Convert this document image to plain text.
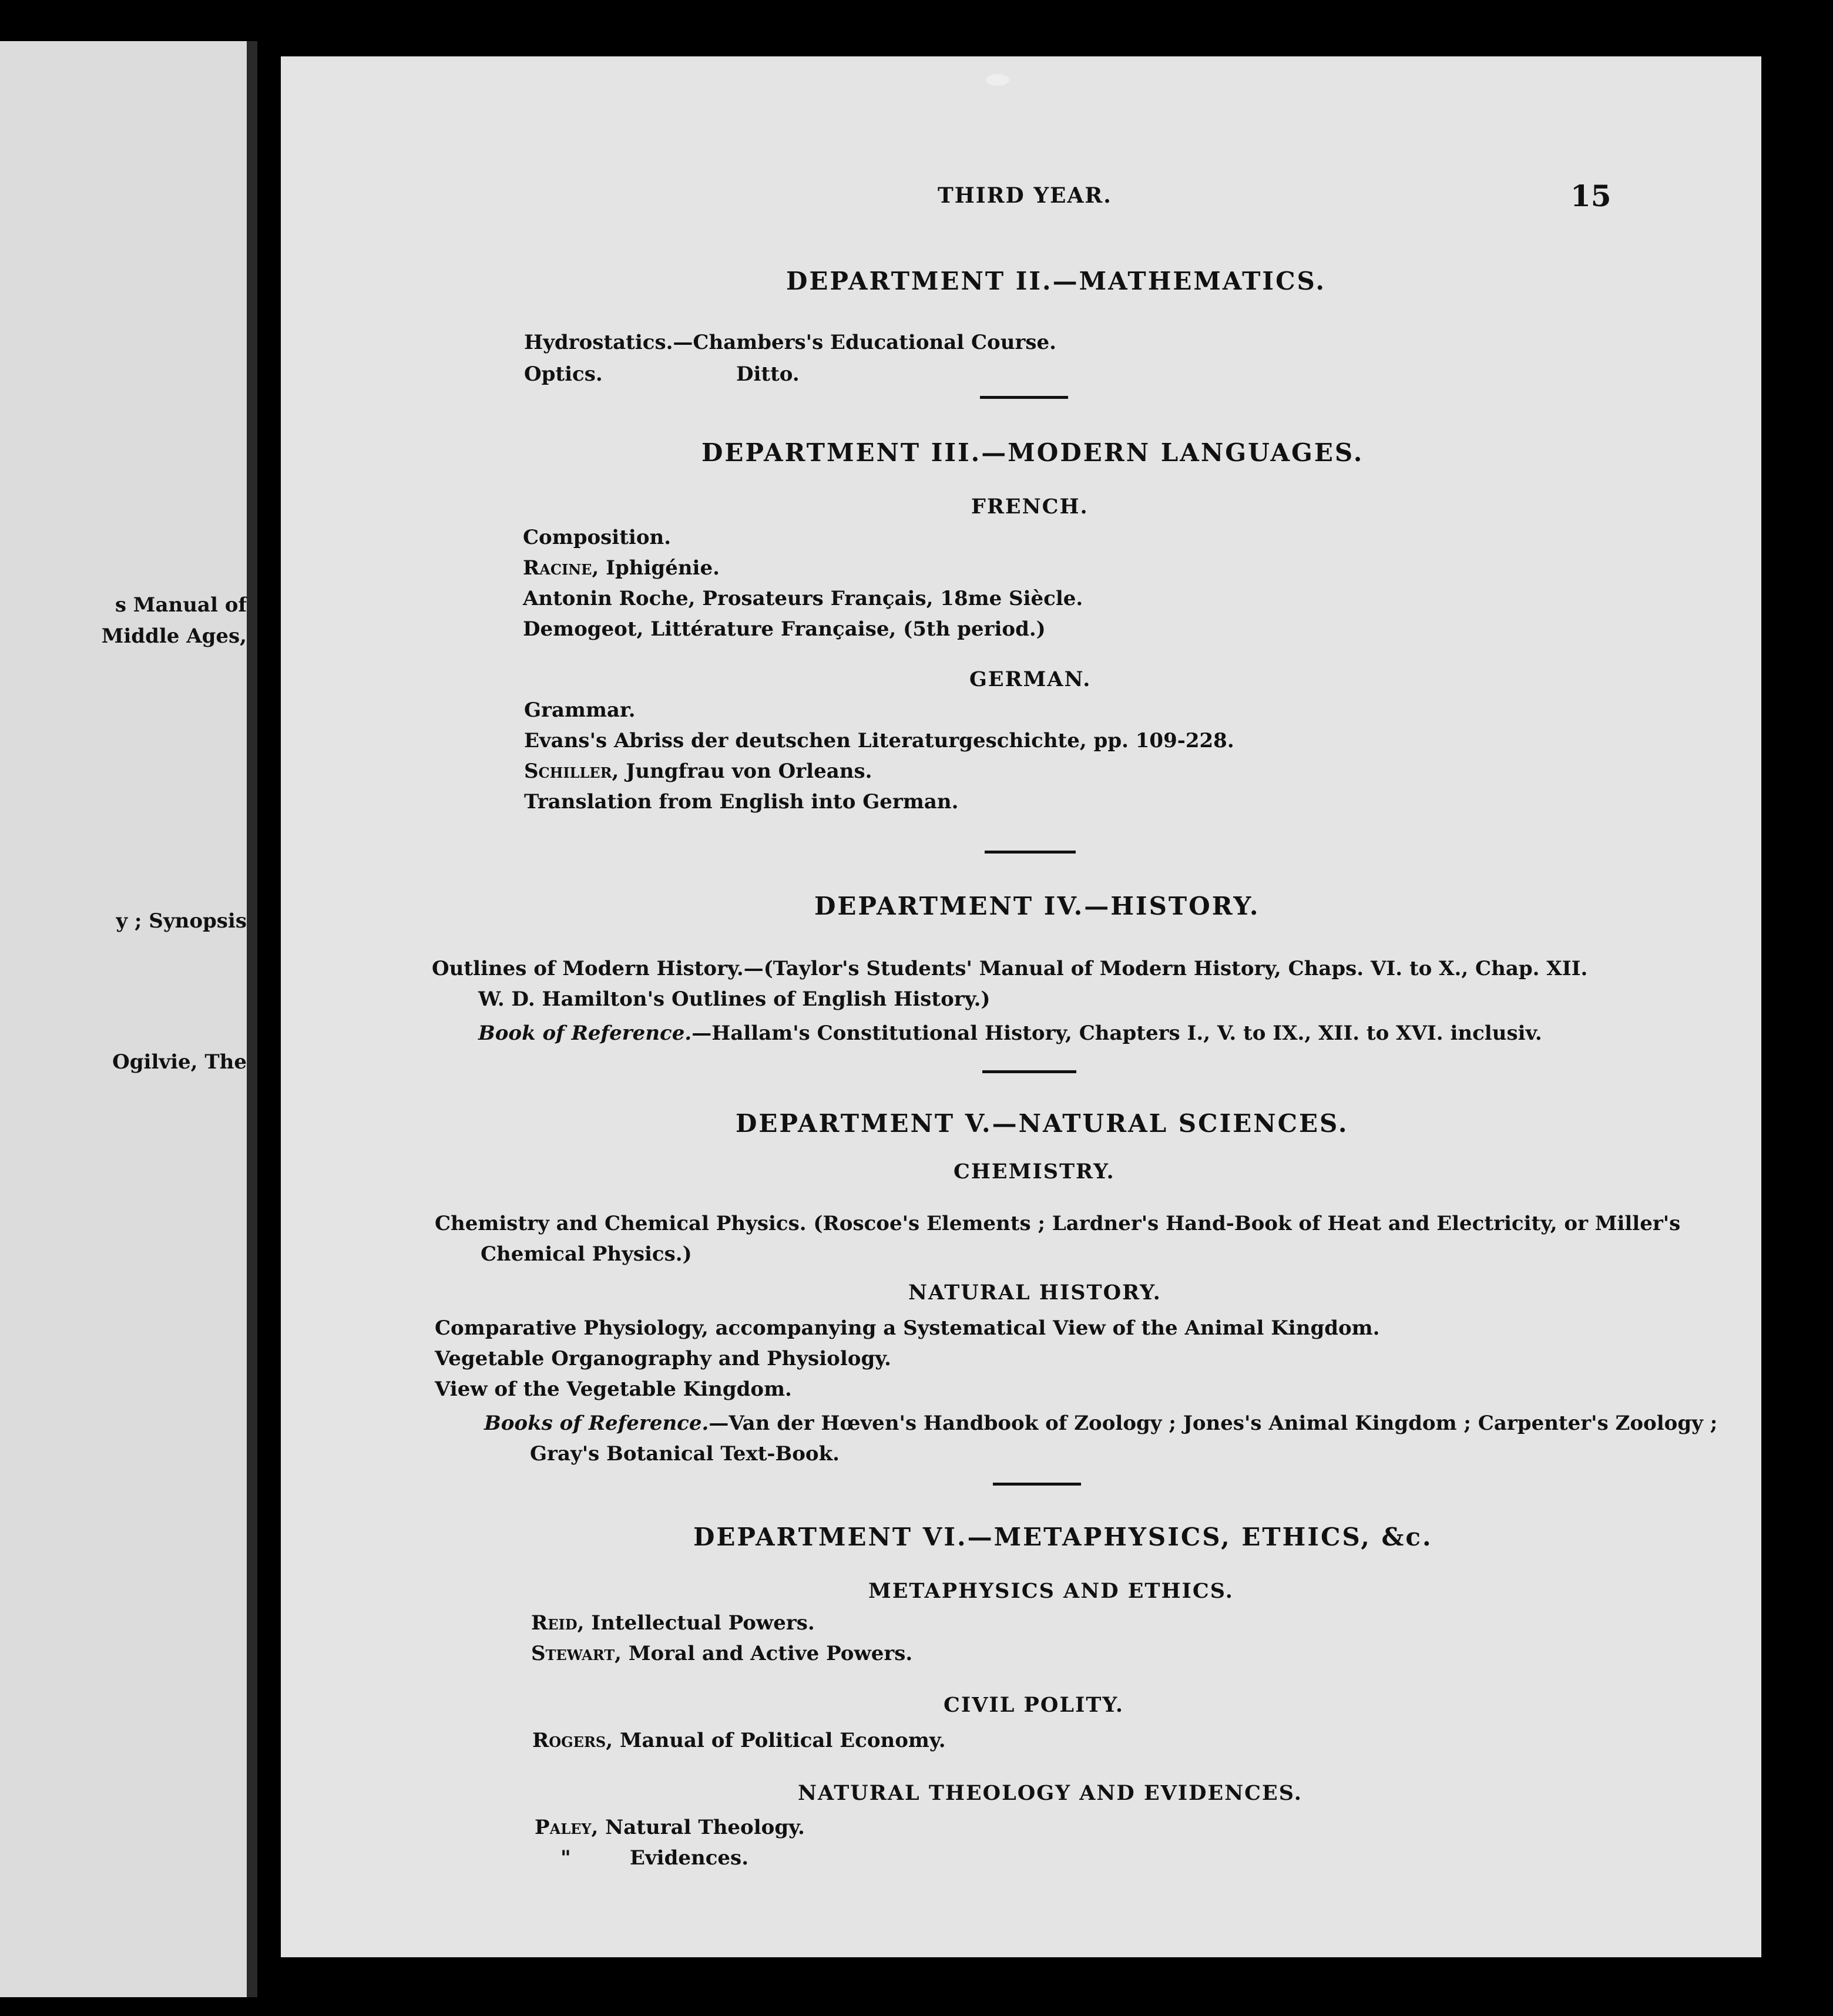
s Manual of
Middle Ages,
y ; Synopsis
Ogilvie, The
THIRD YEAR.	15
DEPARTMENT II.—MATHEMATICS.
Hydrostatics.—Chambers's Educational Course.
Optics.	Ditto.
DEPARTMENT III.—MODERN LANGUAGES.
FRENCH.
Composition.
Racine, Iphigénie.
Antonin Roche, Prosateurs Français, 18me Siècle.
Demogeot, Littérature Française, (5th period.)
GERMAN.
Grammar.
Evans's Abriss der deutschen Literaturgeschichte, pp. 109-228.
Schiller, Jungfrau von Orleans.
Translation from English into German.
DEPARTMENT IV.—HISTORY.
Outlines of Modern History.—(Taylor's Students' Manual of Modern History, Chaps. VI. to X., Chap. XII.
W. D. Hamilton's Outlines of English History.)
Book of Reference.—Hallam's Constitutional History, Chapters I., V. to IX., XII. to XVI. inclusiv.
DEPARTMENT V.—NATURAL SCIENCES.
CHEMISTRY.
Chemistry and Chemical Physics. (Roscoe's Elements ; Lardner's Hand-Book of Heat and Electricity, or Miller's
Chemical Physics.)
NATURAL HISTORY.
Comparative Physiology, accompanying a Systematical View of the Animal Kingdom.
Vegetable Organography and Physiology.
View of the Vegetable Kingdom.
Books of Reference.—Van der Hœven's Handbook of Zoology ; Jones's Animal Kingdom ; Carpenter's Zoology ;
Gray's Botanical Text-Book.
DEPARTMENT VI.—METAPHYSICS, ETHICS, &c.
METAPHYSICS AND ETHICS.
Reid, Intellectual Powers.
Stewart, Moral and Active Powers.
CIVIL POLITY.
Rogers, Manual of Political Economy.
NATURAL THEOLOGY AND EVIDENCES.
Paley, Natural Theology.
"	Evidences.
